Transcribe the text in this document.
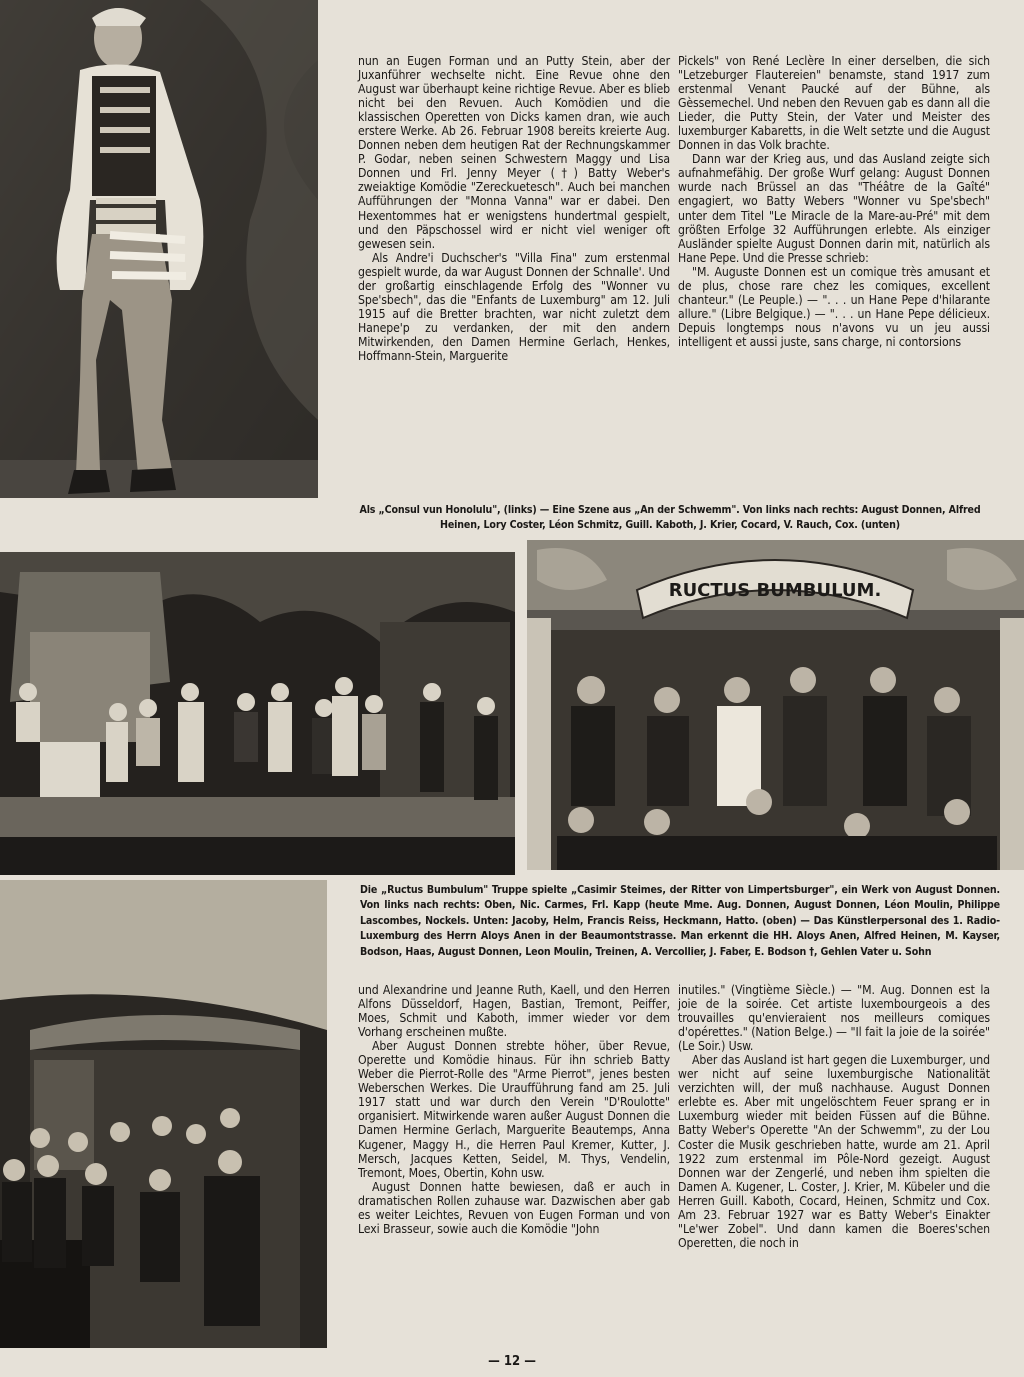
nun an Eugen Forman und an Putty Stein, aber der Juxanführer wechselte nicht. Eine Revue ohne den August war überhaupt keine richtige Revue. Aber es blieb nicht bei den Revuen. Auch Komödien und die klassischen Operetten von Dicks kamen dran, wie auch erstere Werke. Ab 26. Februar 1908 bereits kreierte Aug. Donnen neben dem heutigen Rat der Rechnungskammer P. Godar, neben seinen Schwestern Maggy und Lisa Donnen und Frl. Jenny Meyer (†) Batty Weber's zweiaktige Komödie "Zereckuetesch". Auch bei manchen Aufführungen der "Monna Vanna" war er dabei. Den Hexentommes hat er wenigstens hundertmal gespielt, und den Päpschossel wird er nicht viel weniger oft gewesen sein.

Als Andre'i Duchscher's "Villa Fina" zum erstenmal gespielt wurde, da war August Donnen der Schnalle'. Und der großartig einschlagende Erfolg des "Wonner vu Spe'sbech", das die "Enfants de Luxemburg" am 12. Juli 1915 auf die Bretter brachten, war nicht zuletzt dem Hanepe'p zu verdanken, der mit den andern Mitwirkenden, den Damen Hermine Gerlach, Henkes, Hoffmann-Stein, Marguerite

Pickels" von René Leclère In einer derselben, die sich "Letzeburger Flautereien" benamste, stand 1917 zum erstenmal Venant Paucké auf der Bühne, als Gèssemechel. Und neben den Revuen gab es dann all die Lieder, die Putty Stein, der Vater und Meister des luxemburger Kabaretts, in die Welt setzte und die August Donnen in das Volk brachte.

Dann war der Krieg aus, und das Ausland zeigte sich aufnahmefähig. Der große Wurf gelang: August Donnen wurde nach Brüssel an das "Théâtre de la Gaîté" engagiert, wo Batty Webers "Wonner vu Spe'sbech" unter dem Titel "Le Miracle de la Mare-au-Pré" mit dem größten Erfolge 32 Aufführungen erlebte. Als einziger Ausländer spielte August Donnen darin mit, natürlich als Hane Pepe. Und die Presse schrieb:

"M. Auguste Donnen est un comique très amusant et de plus, chose rare chez les comiques, excellent chanteur." (Le Peuple.) — ". . . un Hane Pepe d'hilarante allure." (Libre Belgique.) — ". . . un Hane Pepe délicieux. Depuis longtemps nous n'avons vu un jeu aussi intelligent et aussi juste, sans charge, ni contorsions

Als „Consul vun Honolulu", (links) — Eine Szene aus „An der Schwemm". Von links nach rechts: August Donnen, Alfred Heinen, Lory Coster, Léon Schmitz, Guill. Kaboth, J. Krier, Cocard, V. Rauch, Cox. (unten)
RUCTUS BUMBULUM.
Die „Ructus Bumbulum" Truppe spielte „Casimir Steimes, der Ritter von Limpertsburger", ein Werk von August Donnen. Von links nach rechts: Oben, Nic. Carmes, Frl. Kapp (heute Mme. Aug. Donnen, August Donnen, Léon Moulin, Philippe Lascombes, Nockels. Unten: Jacoby, Helm, Francis Reiss, Heckmann, Hatto. (oben) — Das Künstlerpersonal des 1. Radio-Luxemburg des Herrn Aloys Anen in der Beaumontstrasse. Man erkennt die HH. Aloys Anen, Alfred Heinen, M. Kayser, Bodson, Haas, August Donnen, Leon Moulin, Treinen, A. Vercollier, J. Faber, E. Bodson †, Gehlen Vater u. Sohn

und Alexandrine und Jeanne Ruth, Kaell, und den Herren Alfons Düsseldorf, Hagen, Bastian, Tremont, Peiffer, Moes, Schmit und Kaboth, immer wieder vor dem Vorhang erscheinen mußte.

Aber August Donnen strebte höher, über Revue, Operette und Komödie hinaus. Für ihn schrieb Batty Weber die Pierrot-Rolle des "Arme Pierrot", jenes besten Weberschen Werkes. Die Uraufführung fand am 25. Juli 1917 statt und war durch den Verein "D'Roulotte" organisiert. Mitwirkende waren außer August Donnen die Damen Hermine Gerlach, Marguerite Beautemps, Anna Kugener, Maggy H., die Herren Paul Kremer, Kutter, J. Mersch, Jacques Ketten, Seidel, M. Thys, Vendelin, Tremont, Moes, Obertin, Kohn usw.

August Donnen hatte bewiesen, daß er auch in dramatischen Rollen zuhause war. Dazwischen aber gab es weiter Leichtes, Revuen von Eugen Forman und von Lexi Brasseur, sowie auch die Komödie "John

inutiles." (Vingtième Siècle.) — "M. Aug. Donnen est la joie de la soirée. Cet artiste luxembourgeois a des trouvailles qu'envieraient nos meilleurs comiques d'opérettes." (Nation Belge.) — "Il fait la joie de la soirée" (Le Soir.) Usw.

Aber das Ausland ist hart gegen die Luxemburger, und wer nicht auf seine luxemburgische Nationalität verzichten will, der muß nachhause. August Donnen erlebte es. Aber mit ungelöschtem Feuer sprang er in Luxemburg wieder mit beiden Füssen auf die Bühne. Batty Weber's Operette "An der Schwemm", zu der Lou Coster die Musik geschrieben hatte, wurde am 21. April 1922 zum erstenmal im Pôle-Nord gezeigt. August Donnen war der Zengerlé, und neben ihm spielten die Damen A. Kugener, L. Coster, J. Krier, M. Kübeler und die Herren Guill. Kaboth, Cocard, Heinen, Schmitz und Cox. Am 23. Februar 1927 war es Batty Weber's Einakter "Le'wer Zobel". Und dann kamen die Boeres'schen Operetten, die noch in

— 12 —
